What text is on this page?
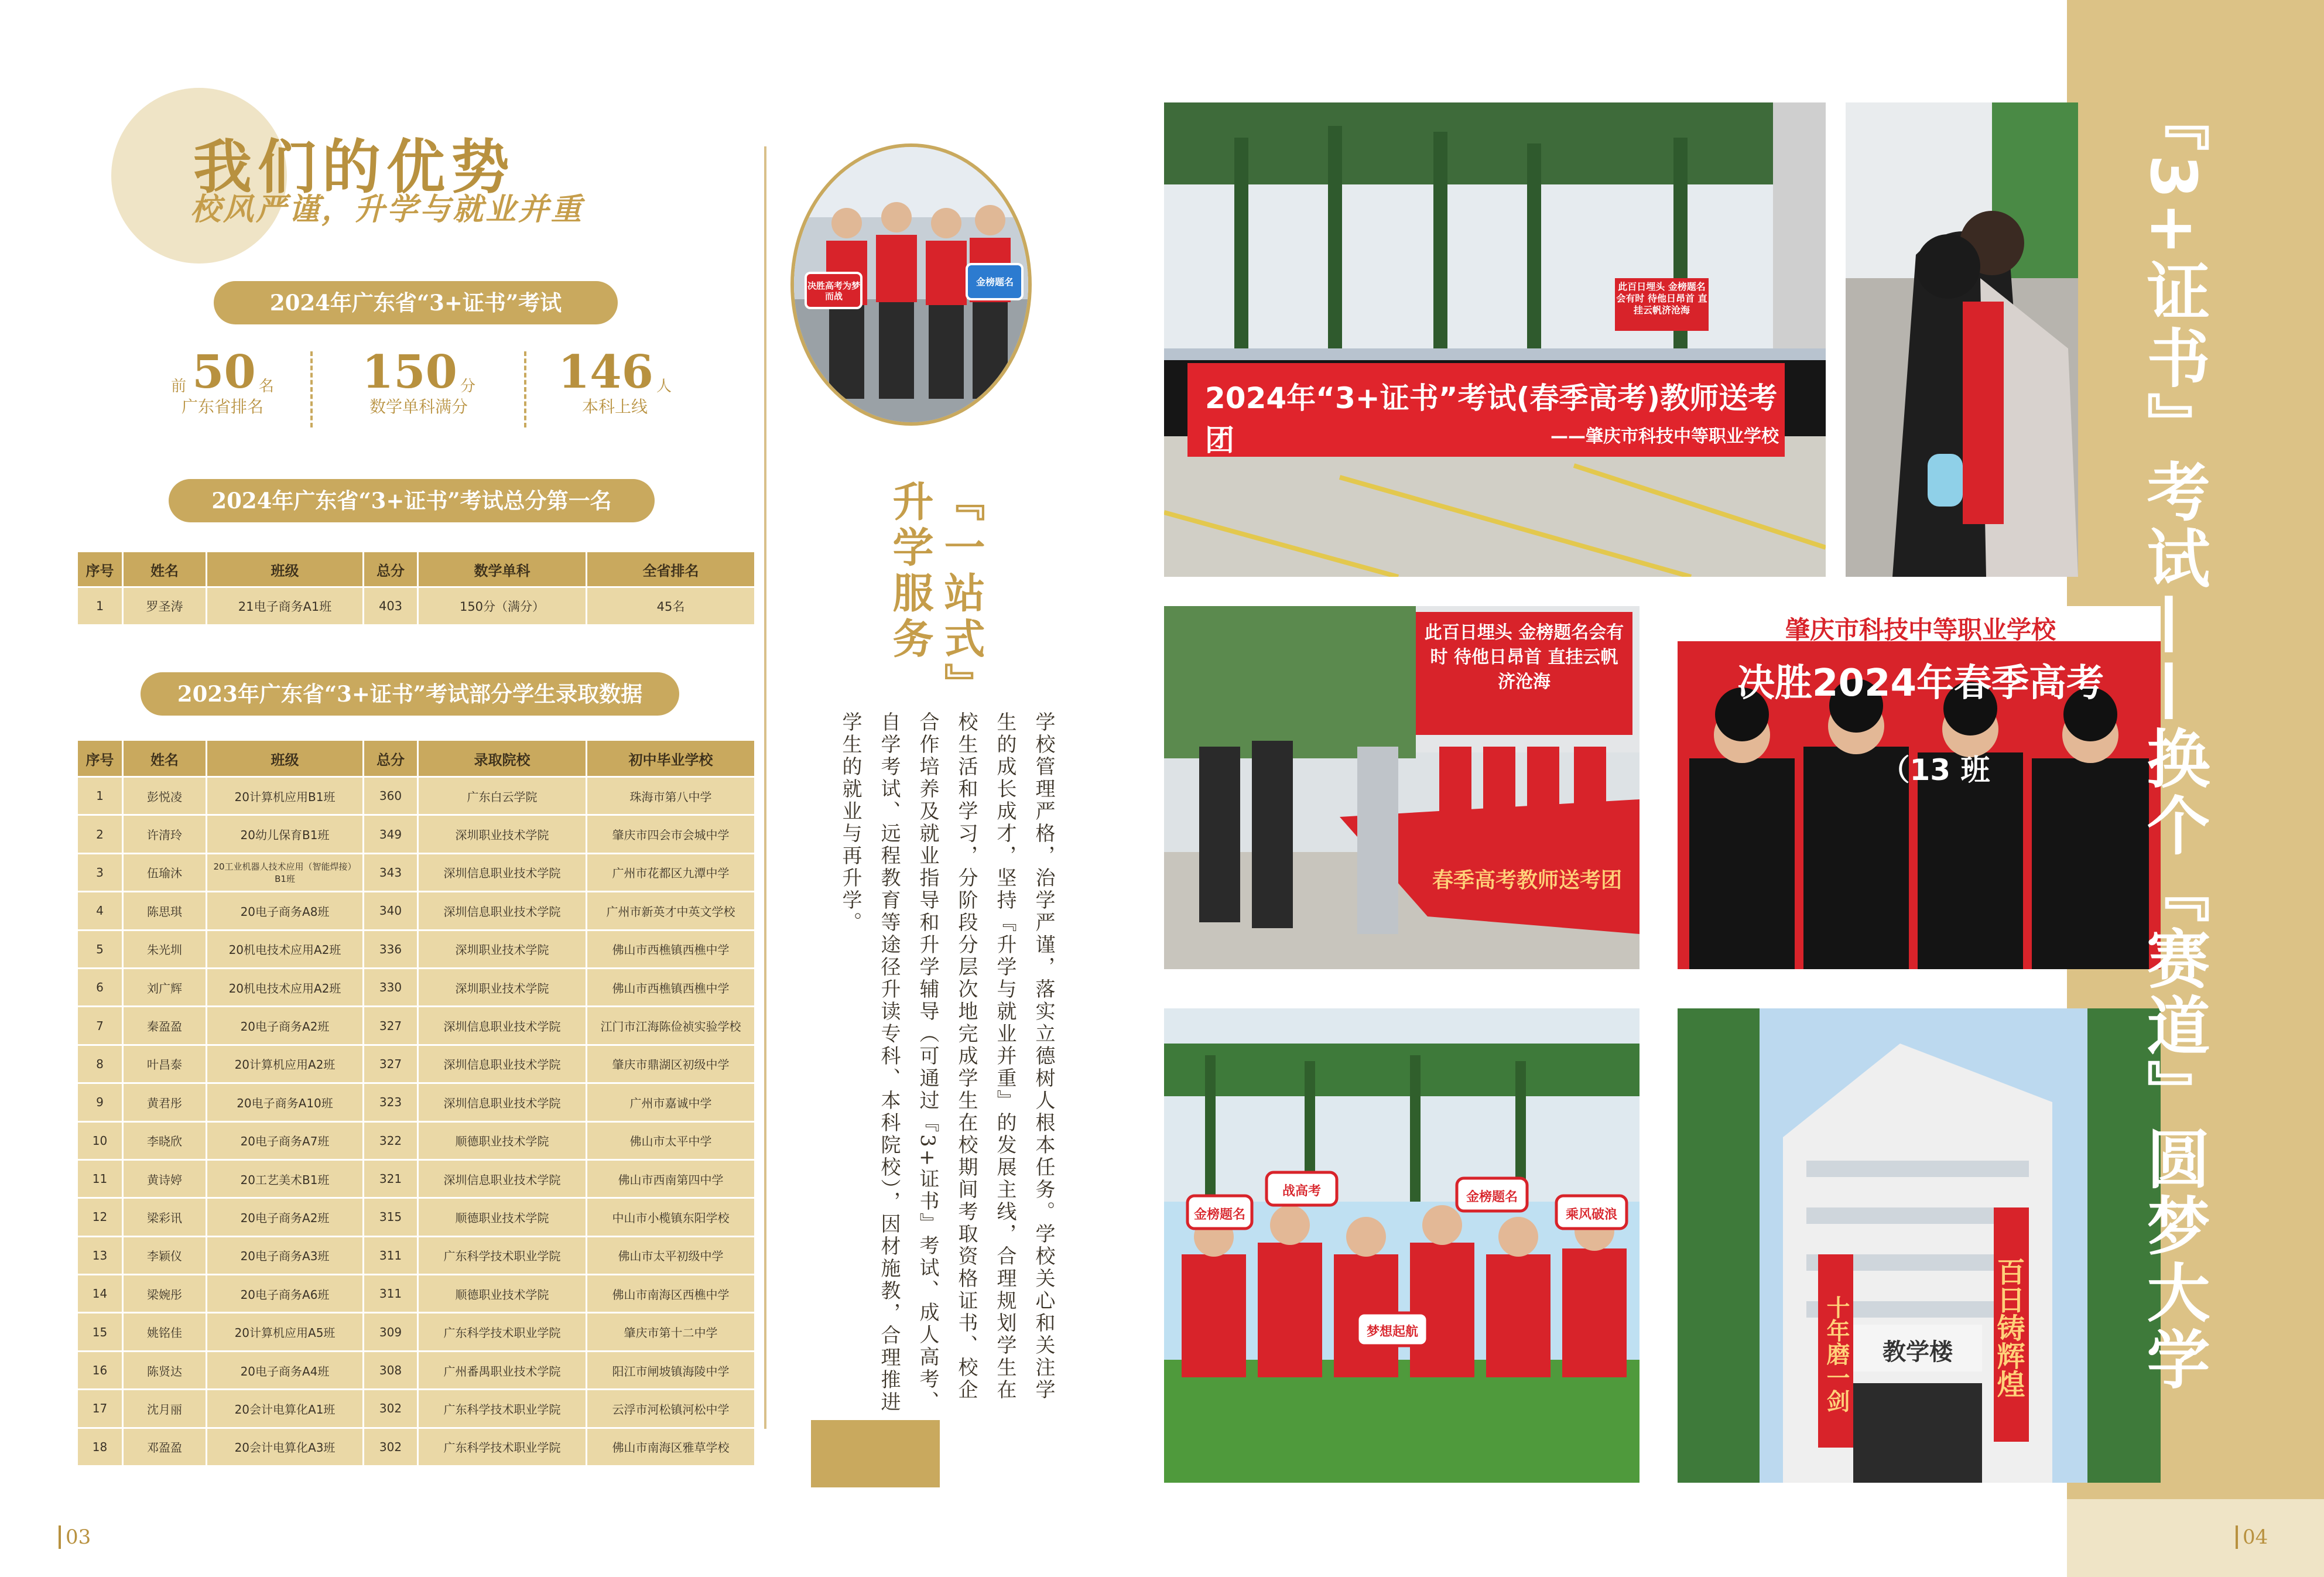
我们的优势
校风严谨，升学与就业并重
2024年广东省“3+证书”考试
前 50 名
广东省排名
150 分
数学单科满分
146 人
本科上线
2024年广东省“3+证书”考试总分第一名
序号	姓名	班级	总分	数学单科	全省排名
1	罗圣涛	21电子商务A1班	403	150分（满分）	45名
2023年广东省“3+证书”考试部分学生录取数据
序号	姓名	班级	总分	录取院校	初中毕业学校
1	彭悦凌	20计算机应用B1班	360	广东白云学院	珠海市第八中学
2	许清玲	20幼儿保育B1班	349	深圳职业技术学院	肇庆市四会市会城中学
3	伍瑜沐	20工业机器人技术应用（智能焊接）B1班	343	深圳信息职业技术学院	广州市花都区九潭中学
4	陈思琪	20电子商务A8班	340	深圳信息职业技术学院	广州市新英才中英文学校
5	朱光圳	20机电技术应用A2班	336	深圳职业技术学院	佛山市西樵镇西樵中学
6	刘广辉	20机电技术应用A2班	330	深圳职业技术学院	佛山市西樵镇西樵中学
7	秦盈盈	20电子商务A2班	327	深圳信息职业技术学院	江门市江海陈俭祯实验学校
8	叶昌泰	20计算机应用A2班	327	深圳信息职业技术学院	肇庆市鼎湖区初级中学
9	黄君彤	20电子商务A10班	323	深圳信息职业技术学院	广州市嘉诚中学
10	李晓欣	20电子商务A7班	322	顺德职业技术学院	佛山市太平中学
11	黄诗婷	20工艺美术B1班	321	深圳信息职业技术学院	佛山市西南第四中学
12	梁彩讯	20电子商务A2班	315	顺德职业技术学院	中山市小榄镇东阳学校
13	李颖仪	20电子商务A3班	311	广东科学技术职业学院	佛山市太平初级中学
14	梁婉彤	20电子商务A6班	311	顺德职业技术学院	佛山市南海区西樵中学
15	姚铭佳	20计算机应用A5班	309	广东科学技术职业学院	肇庆市第十二中学
16	陈贤达	20电子商务A4班	308	广州番禺职业技术学院	阳江市闸坡镇海陵中学
17	沈月丽	20会计电算化A1班	302	广东科学技术职业学院	云浮市河松镇河松中学
18	邓盈盈	20会计电算化A3班	302	广东科学技术职业学院	佛山市南海区雅草学校
03
决胜高考为梦而战
金榜题名
『一站式』升学服务
学校管理严格，治学严谨，落实立德树人根本任务。学校关心和关注学生的成长成才，坚持『升学与就业并重』的发展主线，合理规划学生在校生活和学习，分阶段分层次地完成学生在校期间考取资格证书、校企合作培养及就业指导和升学辅导（可通过『3+证书』考试、成人高考、自学考试、远程教育等途径升读专科、本科院校），因材施教，合理推进学生的就业与再升学。
2024年“3+证书”考试(春季高考)教师送考团	——肇庆市科技中等职业学校
此百日埋头 金榜题名会有时 待他日昂首 直挂云帆济沧海
此百日埋头 金榜题名会有时 待他日昂首 直挂云帆济沧海
春季高考教师送考团
肇庆市科技中等职业学校
决胜2024年春季高考
（13 班
金榜题名
战高考
梦想起航
金榜题名
乘风破浪
教学楼
十年磨一剑	百日铸辉煌 『3+证书』考试——换个『赛道』圆梦大学
04
